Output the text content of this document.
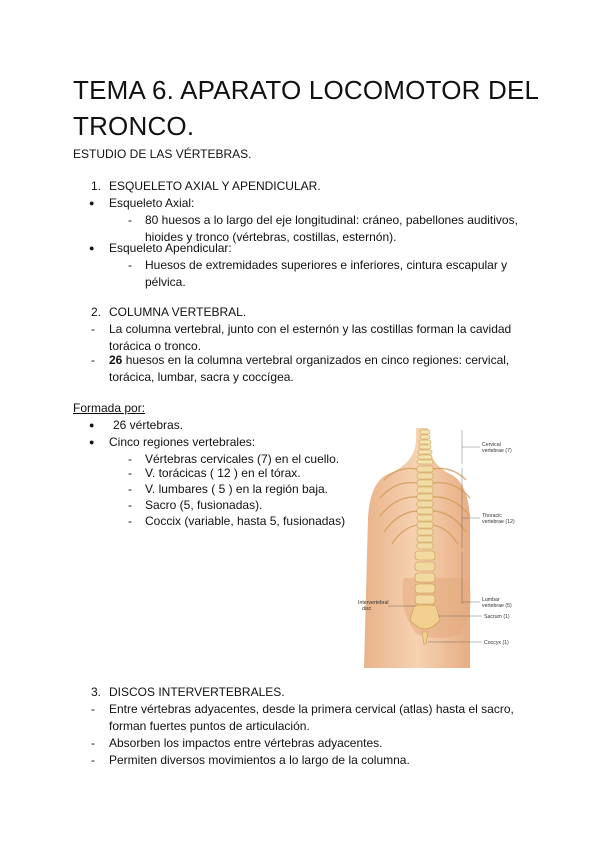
TEMA 6. APARATO LOCOMOTOR DEL TRONCO.

ESTUDIO DE LAS VÉRTEBRAS.

1. ESQUELETO AXIAL Y APENDICULAR.

● Esqueleto Axial:

- 80 huesos a lo largo del eje longitudinal: cráneo, pabellones auditivos, hioides y tronco (vértebras, costillas, esternón).

● Esqueleto Apendicular:

- Huesos de extremidades superiores e inferiores, cintura escapular y pélvica.

2. COLUMNA VERTEBRAL.

- La columna vertebral, junto con el esternón y las costillas forman la cavidad torácica o tronco.

- 26 huesos en la columna vertebral organizados en cinco regiones: cervical, torácica, lumbar, sacra y coccígea.

Formada por:

● 26 vértebras.

● Cinco regiones vertebrales:

- Vértebras cervicales (7) en el cuello.

- V. torácicas ( 12 ) en el tórax.

- V. lumbares ( 5 ) en la región baja.

- Sacro (5, fusionadas).

- Coccix (variable, hasta 5, fusionadas)

Cervical
vertebrae (7)
Thoracic
vertebrae (12)
Lumbar
vertebrae (5)
Sacrum (1)
Coccyx (1)
Intervertebral
disc
3. DISCOS INTERVERTEBRALES.

- Entre vértebras adyacentes, desde la primera cervical (atlas) hasta el sacro, forman fuertes puntos de articulación.

- Absorben los impactos entre vértebras adyacentes.

- Permiten diversos movimientos a lo largo de la columna.
